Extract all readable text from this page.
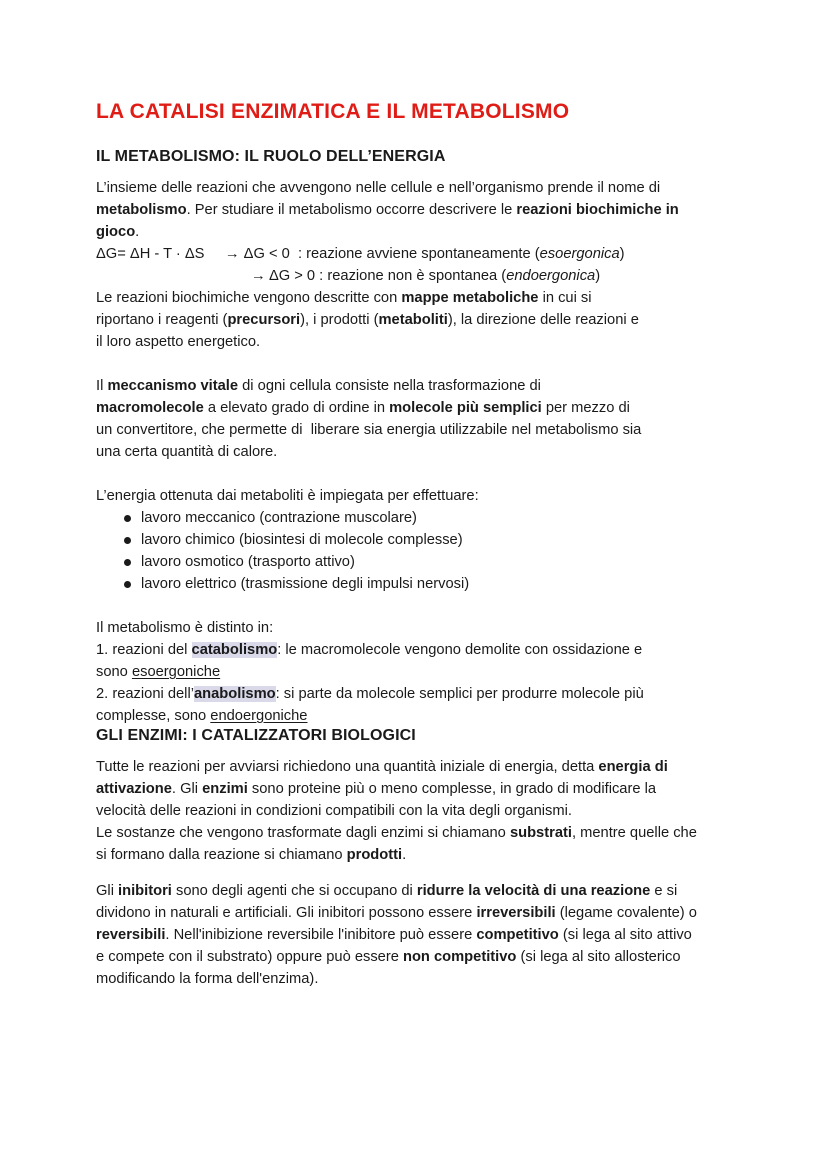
LA CATALISI ENZIMATICA E IL METABOLISMO
IL METABOLISMO: IL RUOLO DELL’ENERGIA

L’insieme delle reazioni che avvengono nelle cellule e nell’organismo prende il nome di
metabolismo. Per studiare il metabolismo occorre descrivere le reazioni biochimiche in
gioco.

ΔG= ΔH - T · ΔS     → ΔG < 0  : reazione avviene spontaneamente (esoergonica)

→ ΔG > 0 : reazione non è spontanea (endoergonica)

Le reazioni biochimiche vengono descritte con mappe metaboliche in cui si
riportano i reagenti (precursori), i prodotti (metaboliti), la direzione delle reazioni e
il loro aspetto energetico.

Il meccanismo vitale di ogni cellula consiste nella trasformazione di
macromolecole a elevato grado di ordine in molecole più semplici per mezzo di
un convertitore, che permette di  liberare sia energia utilizzabile nel metabolismo sia
una certa quantità di calore.

L’energia ottenuta dai metaboliti è impiegata per effettuare:

lavoro meccanico (contrazione muscolare)
lavoro chimico (biosintesi di molecole complesse)
lavoro osmotico (trasporto attivo)
lavoro elettrico (trasmissione degli impulsi nervosi)

Il metabolismo è distinto in:
1. reazioni del catabolismo: le macromolecole vengono demolite con ossidazione e
sono esoergoniche
2. reazioni dell’anabolismo: si parte da molecole semplici per produrre molecole più
complesse, sono endoergoniche

GLI ENZIMI: I CATALIZZATORI BIOLOGICI

Tutte le reazioni per avviarsi richiedono una quantità iniziale di energia, detta energia di
attivazione. Gli enzimi sono proteine più o meno complesse, in grado di modificare la
velocità delle reazioni in condizioni compatibili con la vita degli organismi.
Le sostanze che vengono trasformate dagli enzimi si chiamano substrati, mentre quelle che
si formano dalla reazione si chiamano prodotti.

Gli inibitori sono degli agenti che si occupano di ridurre la velocità di una reazione e si
dividono in naturali e artificiali. Gli inibitori possono essere irreversibili (legame covalente) o
reversibili. Nell'inibizione reversibile l'inibitore può essere competitivo (si lega al sito attivo
e compete con il substrato) oppure può essere non competitivo (si lega al sito allosterico
modificando la forma dell'enzima).
